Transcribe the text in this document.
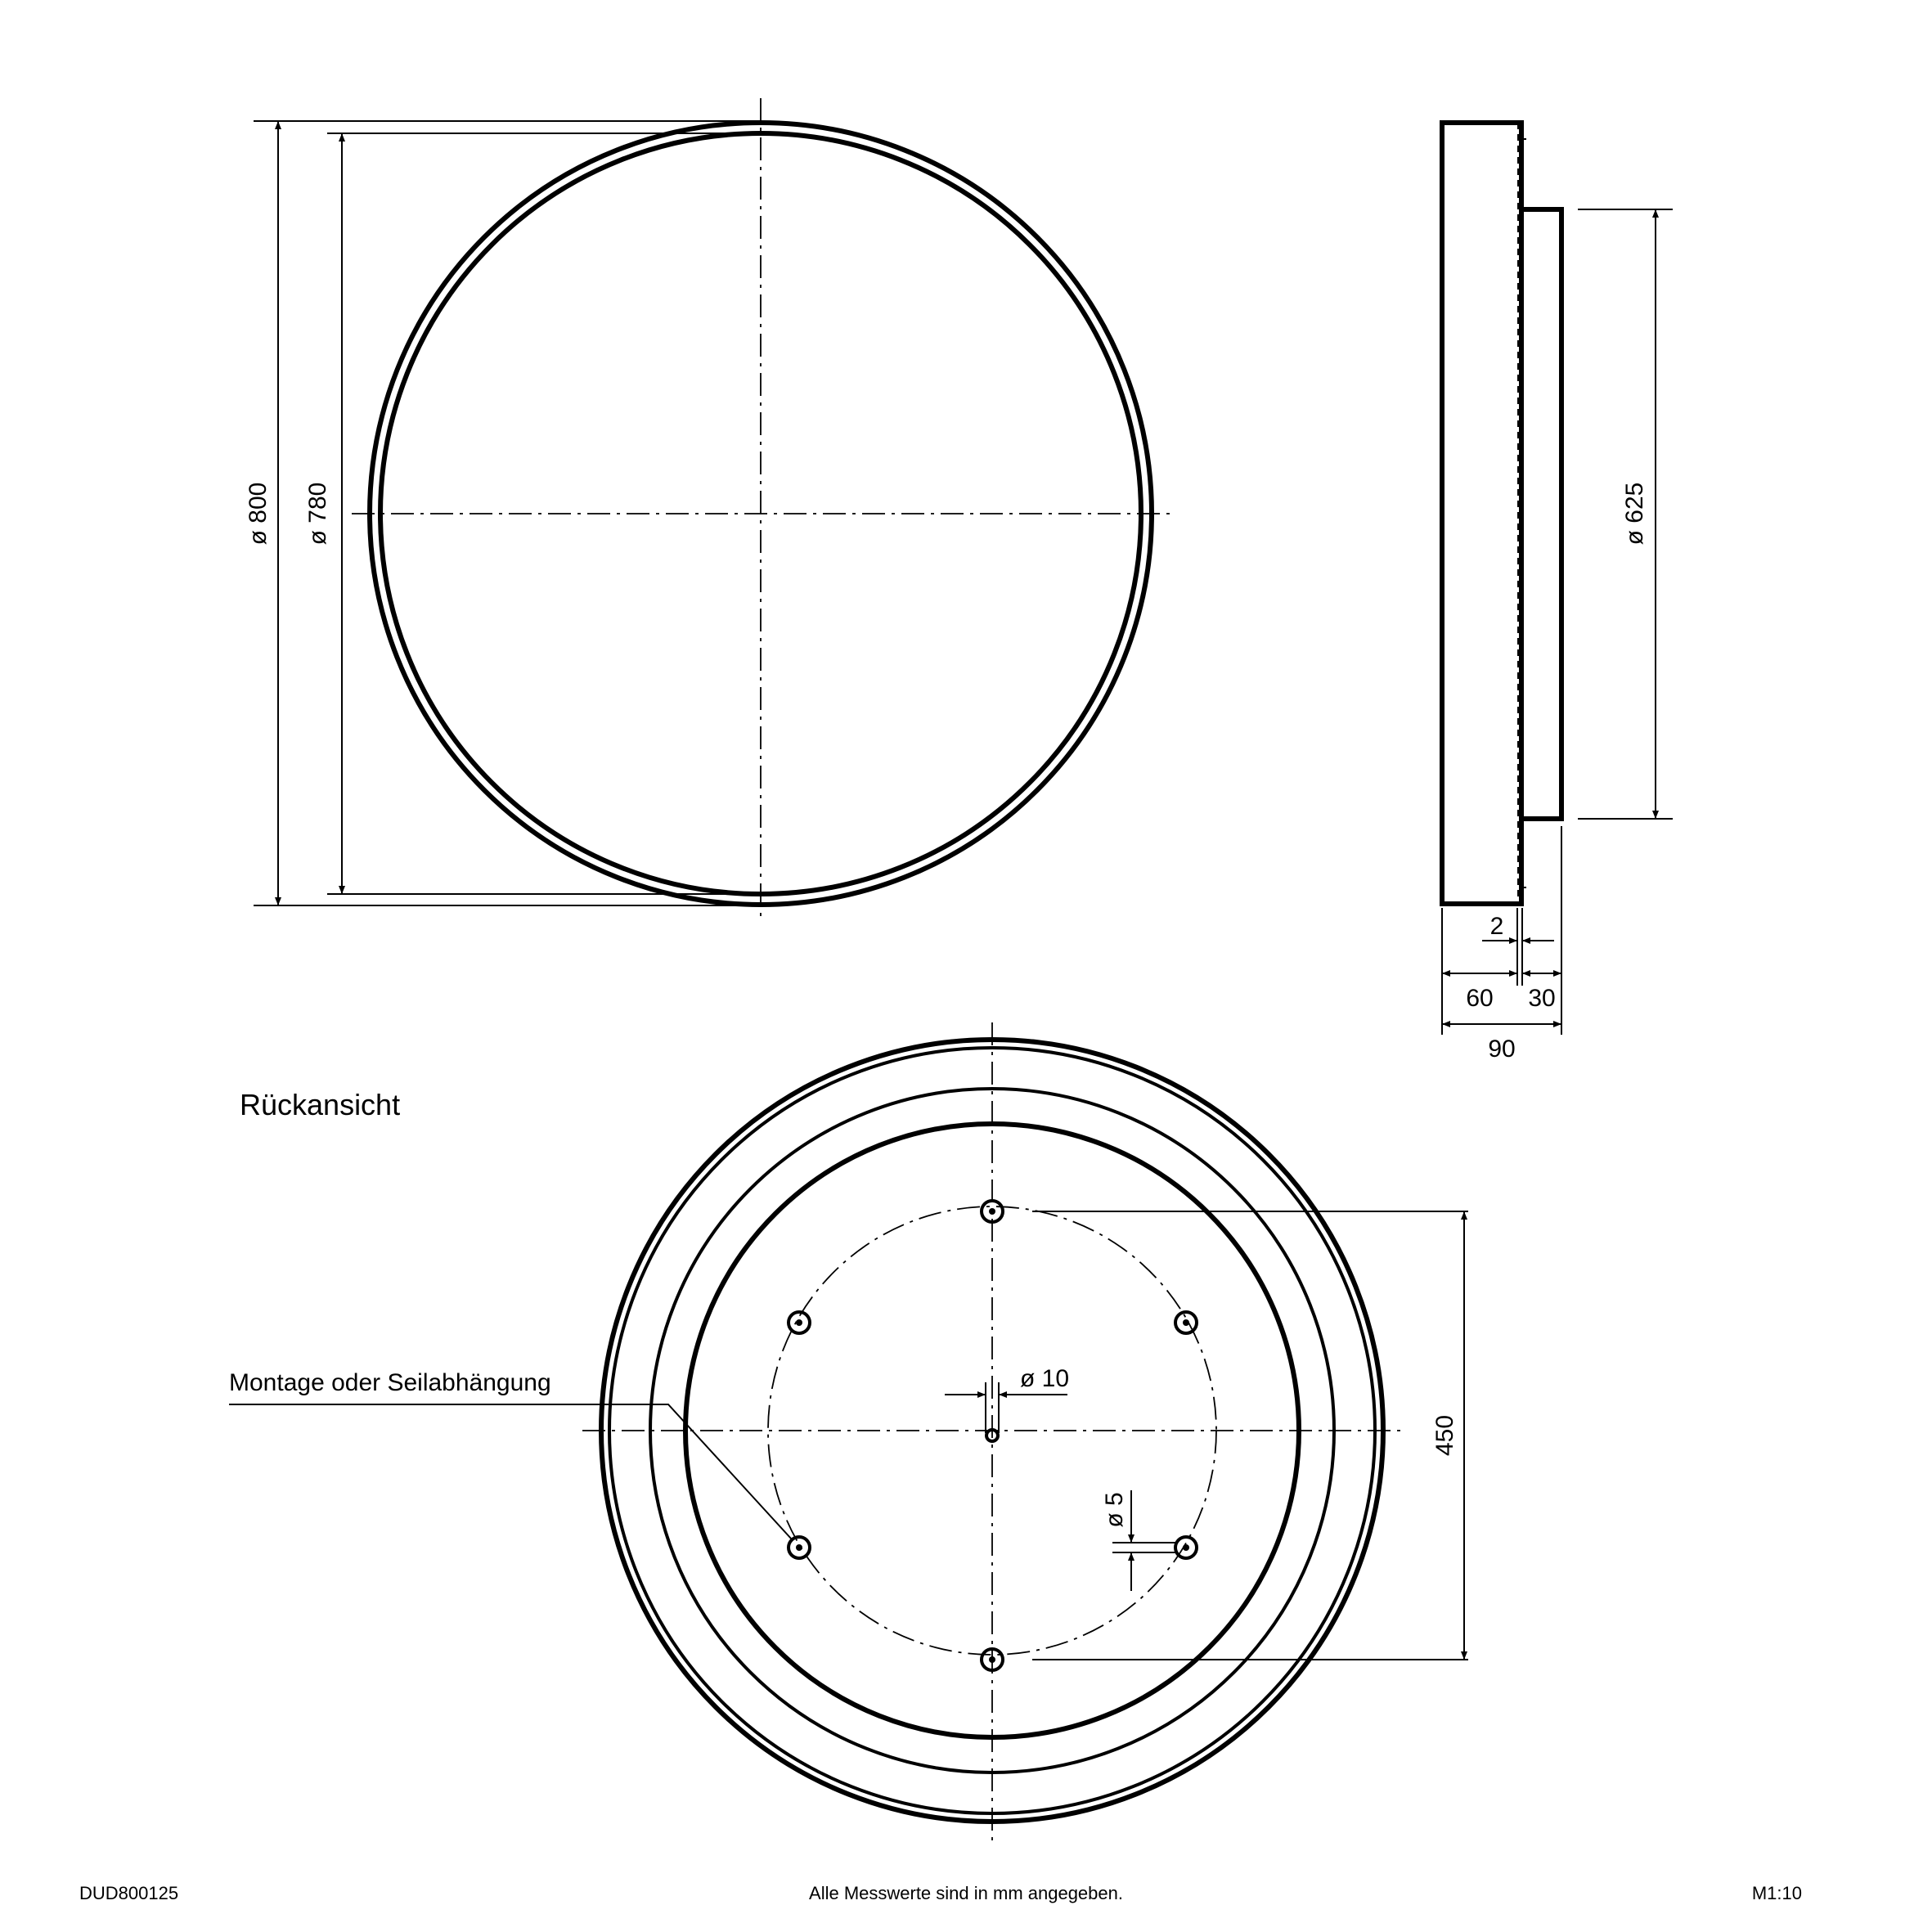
ø 800 ø 780	ø 625
2
60 30
90
Rückansicht
ø 10
ø 5
450
Montage oder Seilabhängung
DUD800125	Alle Messwerte sind in mm angegeben.	M1:10
